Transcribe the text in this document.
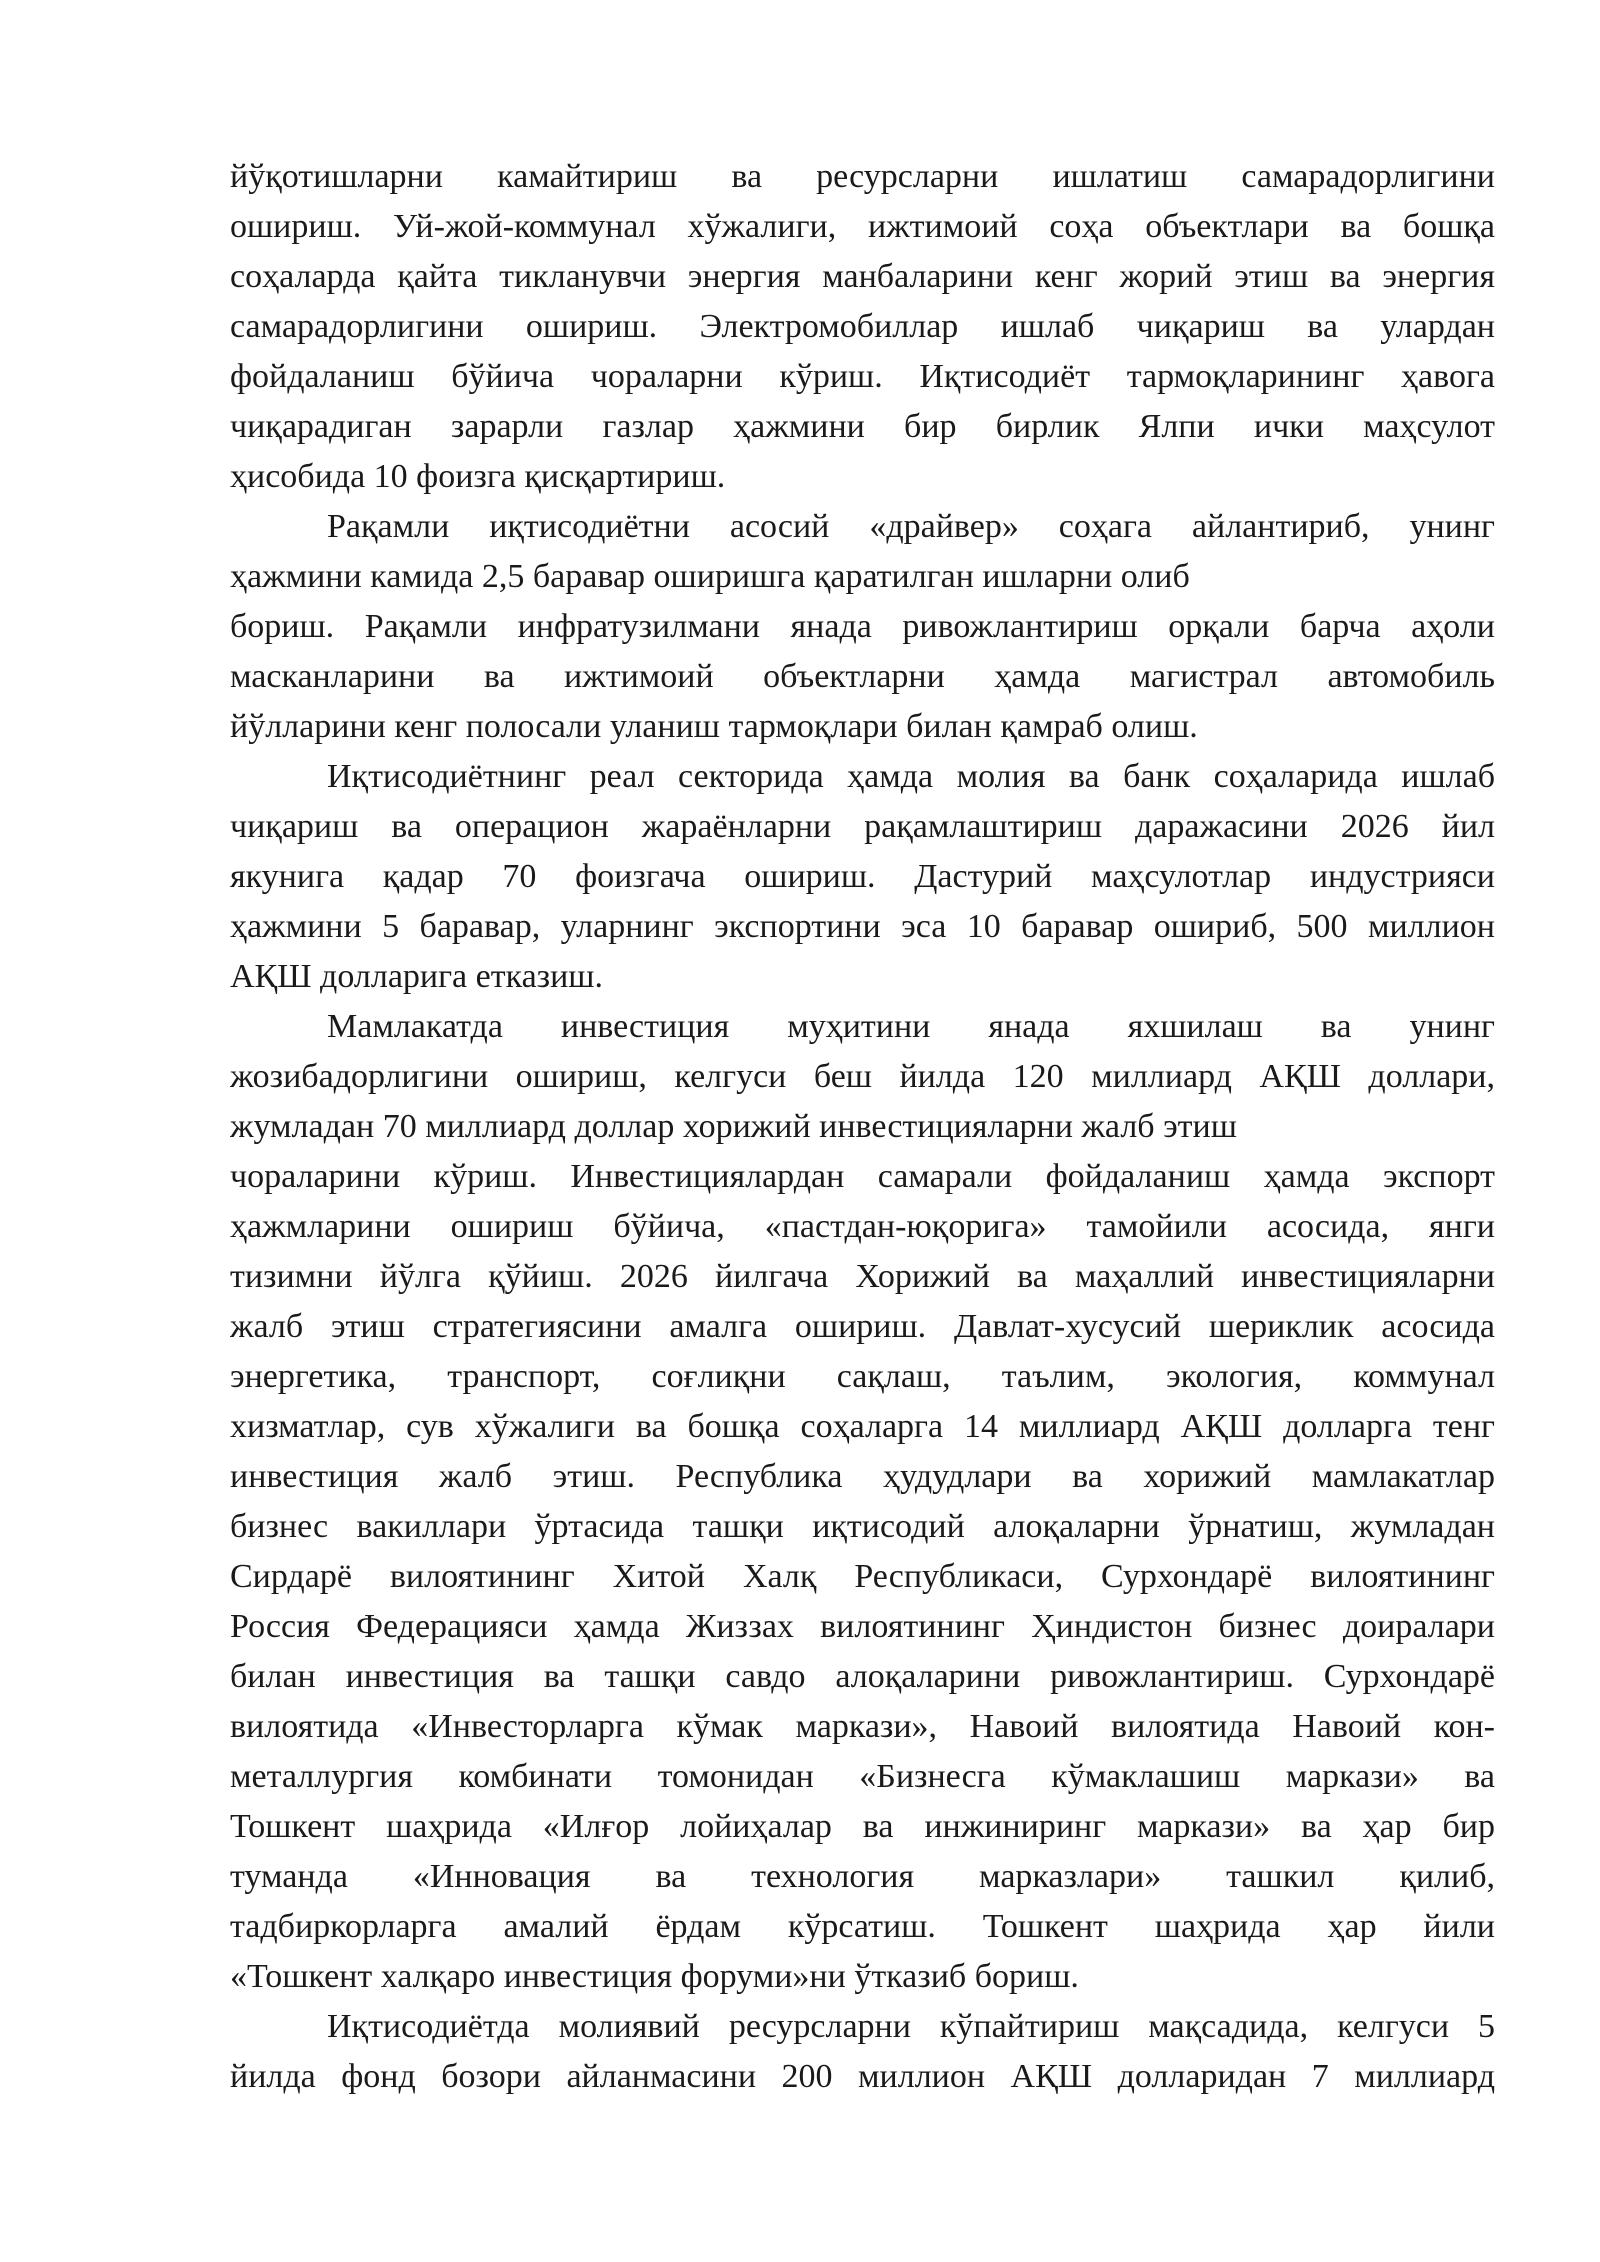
йўқотишларни камайтириш ва ресурсларни ишлатиш самарадорлигини
ошириш. Уй-жой-коммунал хўжалиги, ижтимоий соҳа объектлари ва бошқа
соҳаларда қайта тикланувчи энергия манбаларини кенг жорий этиш ва энергия
самарадорлигини ошириш. Электромобиллар ишлаб чиқариш ва улардан
фойдаланиш бўйича чораларни кўриш. Иқтисодиёт тармоқларининг ҳавога
чиқарадиган зарарли газлар ҳажмини бир бирлик Ялпи ички маҳсулот
ҳисобида 10 фоизга қисқартириш.
Рақамли иқтисодиётни асосий «драйвер» соҳага айлантириб, унинг
ҳажмини камида 2,5 баравар оширишга қаратилган ишларни олиб
бориш. Рақамли инфратузилмани янада ривожлантириш орқали барча аҳоли
масканларини ва ижтимоий объектларни ҳамда магистрал автомобиль
йўлларини кенг полосали уланиш тармоқлари билан қамраб олиш.
Иқтисодиётнинг реал секторида ҳамда молия ва банк соҳаларида ишлаб
чиқариш ва операцион жараёнларни рақамлаштириш даражасини 2026 йил
якунига қадар 70 фоизгача ошириш. Дастурий маҳсулотлар индустрияси
ҳажмини 5 баравар, уларнинг экспортини эса 10 баравар ошириб, 500 миллион
АҚШ долларига етказиш.
Мамлакатда инвестиция муҳитини янада яхшилаш ва унинг
жозибадорлигини ошириш, келгуси беш йилда 120 миллиард АҚШ доллари,
жумладан 70 миллиард доллар хорижий инвестицияларни жалб этиш
чораларини кўриш. Инвестициялардан самарали фойдаланиш ҳамда экспорт
ҳажмларини ошириш бўйича, «пастдан-юқорига» тамойили асосида, янги
тизимни йўлга қўйиш. 2026 йилгача Хорижий ва маҳаллий инвестицияларни
жалб этиш стратегиясини амалга ошириш. Давлат-хусусий шериклик асосида
энергетика, транспорт, соғлиқни сақлаш, таълим, экология, коммунал
хизматлар, сув хўжалиги ва бошқа соҳаларга 14 миллиард АҚШ долларга тенг
инвестиция жалб этиш. Республика ҳудудлари ва хорижий мамлакатлар
бизнес вакиллари ўртасида ташқи иқтисодий алоқаларни ўрнатиш, жумладан
Сирдарё вилоятининг Хитой Халқ Республикаси, Сурхондарё вилоятининг
Россия Федерацияси ҳамда Жиззах вилоятининг Ҳиндистон бизнес доиралари
билан инвестиция ва ташқи савдо алоқаларини ривожлантириш. Сурхондарё
вилоятида «Инвесторларга кўмак маркази», Навоий вилоятида Навоий кон-
металлургия комбинати томонидан «Бизнесга кўмаклашиш маркази» ва
Тошкент шаҳрида «Илғор лойиҳалар ва инжиниринг маркази» ва ҳар бир
туманда «Инновация ва технология марказлари» ташкил қилиб,
тадбиркорларга амалий ёрдам кўрсатиш. Тошкент шаҳрида ҳар йили
«Тошкент халқаро инвестиция форуми»ни ўтказиб бориш.
Иқтисодиётда молиявий ресурсларни кўпайтириш мақсадида, келгуси 5
йилда фонд бозори айланмасини 200 миллион АҚШ долларидан 7 миллиард
